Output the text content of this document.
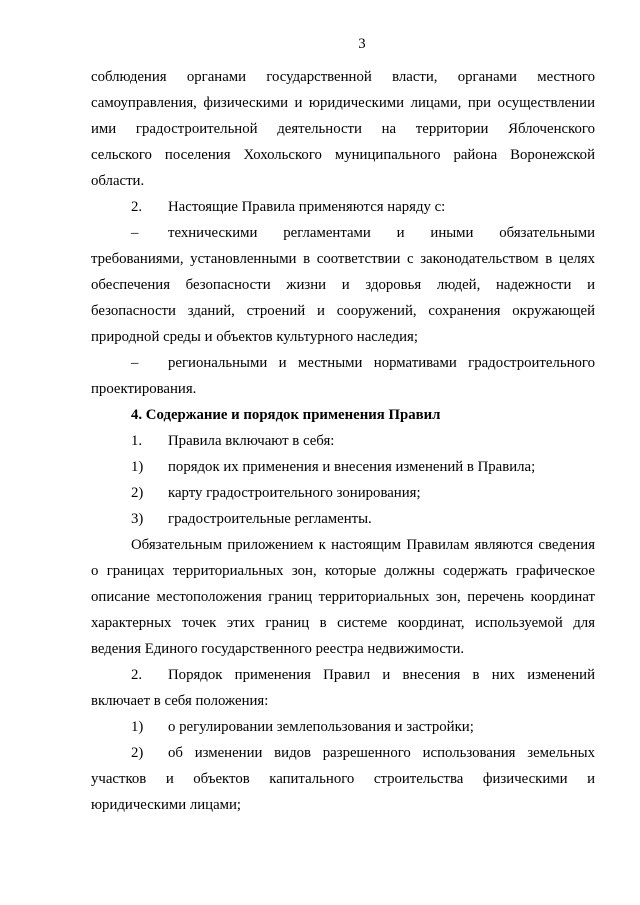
3
соблюдения органами государственной власти, органами местного
самоуправления, физическими и юридическими лицами, при осуществлении
ими градостроительной деятельности на территории Яблоченского
сельского поселения Хохольского муниципального района Воронежской
области.
2. Настоящие Правила применяются наряду с:
– техническими регламентами и иными обязательными
требованиями, установленными в соответствии с законодательством в целях
обеспечения безопасности жизни и здоровья людей, надежности и
безопасности зданий, строений и сооружений, сохранения окружающей
природной среды и объектов культурного наследия;
– региональными и местными нормативами градостроительного
проектирования.
4. Содержание и порядок применения Правил
1. Правила включают в себя:
1) порядок их применения и внесения изменений в Правила;
2) карту градостроительного зонирования;
3) градостроительные регламенты.
Обязательным приложением к настоящим Правилам являются сведения
о границах территориальных зон, которые должны содержать графическое
описание местоположения границ территориальных зон, перечень координат
характерных точек этих границ в системе координат, используемой для
ведения Единого государственного реестра недвижимости.
2. Порядок применения Правил и внесения в них изменений
включает в себя положения:
1) о регулировании землепользования и застройки;
2) об изменении видов разрешенного использования земельных
участков и объектов капитального строительства физическими и
юридическими лицами;
